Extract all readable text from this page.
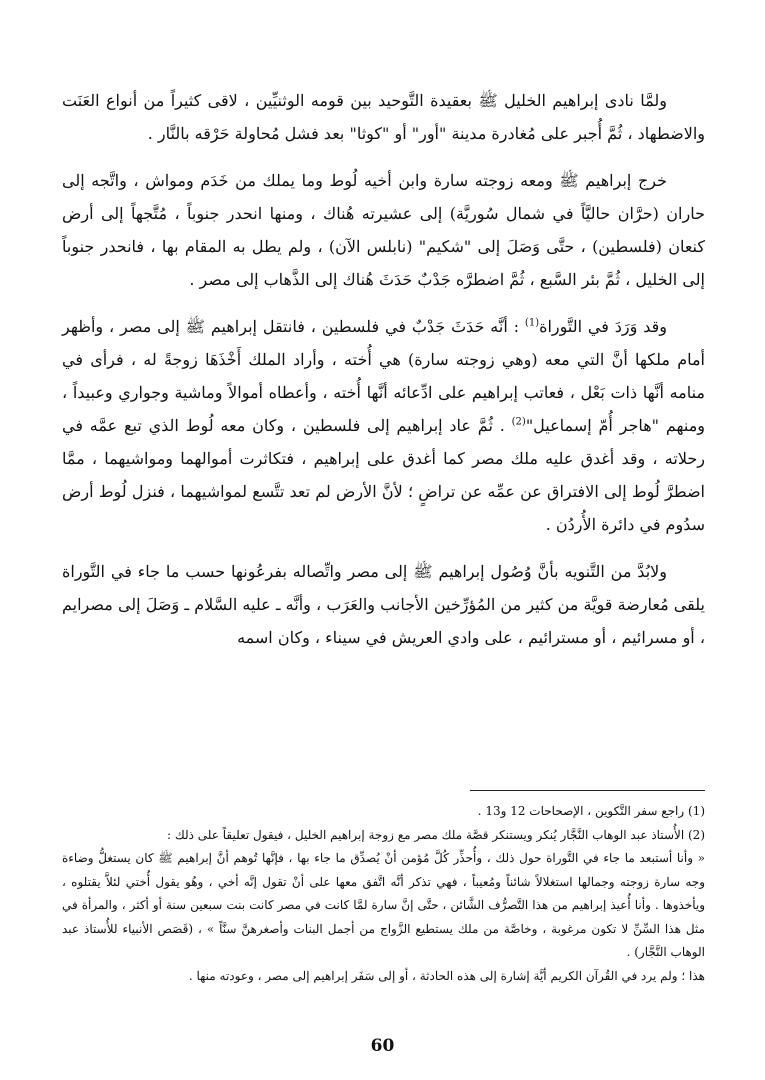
ولمَّا نادى إبراهيم الخليل ﷺ بعقيدة التَّوحيد بين قومه الوثنيِّين ، لاقى كثيراً من أنواع العَنَت والاضطهاد ، ثُمَّ أُجبر على مُغادرة مدينة "أور" أو "كوثا" بعد فشل مُحاولة حَرْقه بالنَّار .

خرج إبراهيم ﷺ ومعه زوجته سارة وابن أخيه لُوط وما يملك من خَدَم ومواش ، واتَّجه إلى حاران (حرَّان حاليَّاً في شمال سُوريَّة) إلى عشيرته هُناك ، ومنها انحدر جنوباً ، مُتَّجهاً إلى أرض كنعان (فلسطين) ، حتَّى وَصَلَ إلى "شكيم" (نابلس الآن) ، ولم يطل به المقام بها ، فانحدر جنوباً إلى الخليل ، ثُمَّ بئر السَّبع ، ثُمَّ اضطرَّه جَدْبٌ حَدَثَ هُناك إلى الذَّهاب إلى مصر .

وقد وَرَدَ في التَّوراة$^{(1)}$ : أنَّه حَدَثَ جَدْبٌ في فلسطين ، فانتقل إبراهيم ﷺ إلى مصر ، وأظهر أمام ملكها أنَّ التي معه (وهي زوجته سارة) هي أُخته ، وأراد الملك أَخْذَهَا زوجةً له ، فرأى في منامه أنَّها ذات بَعْل ، فعاتب إبراهيم على ادِّعائه أنَّها أُخته ، وأعطاه أموالاً وماشية وجواري وعبيداً ، ومنهم "هاجر أُمّ إسماعيل"$^{(2)}$ . ثُمَّ عاد إبراهيم إلى فلسطين ، وكان معه لُوط الذي تبع عمَّه في رحلاته ، وقد أغدق عليه ملك مصر كما أغدق على إبراهيم ، فتكاثرت أموالهما ومواشيهما ، ممَّا اضطرَّ لُوط إلى الافتراق عن عمِّه عن تراضٍ ؛ لأنَّ الأرض لم تعد تتَّسع لمواشيهما ، فنزل لُوط أرض سدُوم في دائرة الأُردُن .

ولابُدَّ من التَّنويه بأنَّ وُصُول إبراهيم ﷺ إلى مصر واتِّصاله بفرعُونها حسب ما جاء في التَّوراة يلقى مُعارضة قويَّة من كثير من المُؤرِّخين الأجانب والعَرَب ، وأنَّه ـ عليه السَّلام ـ وَصَلَ إلى مصرايم ، أو مسرائيم ، أو مسترائيم ، على وادي العريش في سيناء ، وكان اسمه

(1) راجع سفر التَّكوين ، الإصحاحات 12 و13 .

(2) الأُستاذ عبد الوهاب النَّجَّار يُنكر ويستنكر قصَّة ملك مصر مع زوجة إبراهيم الخليل ، فيقول تعليقاً على ذلك :

« وأنا أستبعد ما جاء في التَّوراة حول ذلك ، وأُحذِّر كُلَّ مُؤمن أنْ يُصدِّق ما جاء بها ، فإنَّها تُوهم أنَّ إبراهيم ﷺ كان يستغلُّ وضاءة وجه سارة زوجته وجمالها استغلالاً شائناً ومُعيباً ، فهي تذكر أنَّه اتَّفق معها على أنْ تقول إنَّه أخي ، وهُو يقول أُختي لئلاَّ يقتلوه ، ويأخذوها . وأنا أُعيذ إبراهيم من هذا التَّصرُّف الشَّائن ، حتَّى إنَّ سارة لمَّا كانت في مصر كانت بنت سبعين سنة أو أكثر ، والمرأة في مثل هذا السِّنِّ لا تكون مرغوبة ، وخاصَّة من ملك يستطيع الزَّواج من أجمل البنات وأصغرهنَّ سنَّاً » ، (قَصَص الأنبياء للأُستاذ عبد الوهاب النَّجَّار) .

هذا ؛ ولم يرد في القُرآن الكريم أيَّة إشارة إلى هذه الحادثة ، أو إلى سَفَر إبراهيم إلى مصر ، وعودته منها .

60
